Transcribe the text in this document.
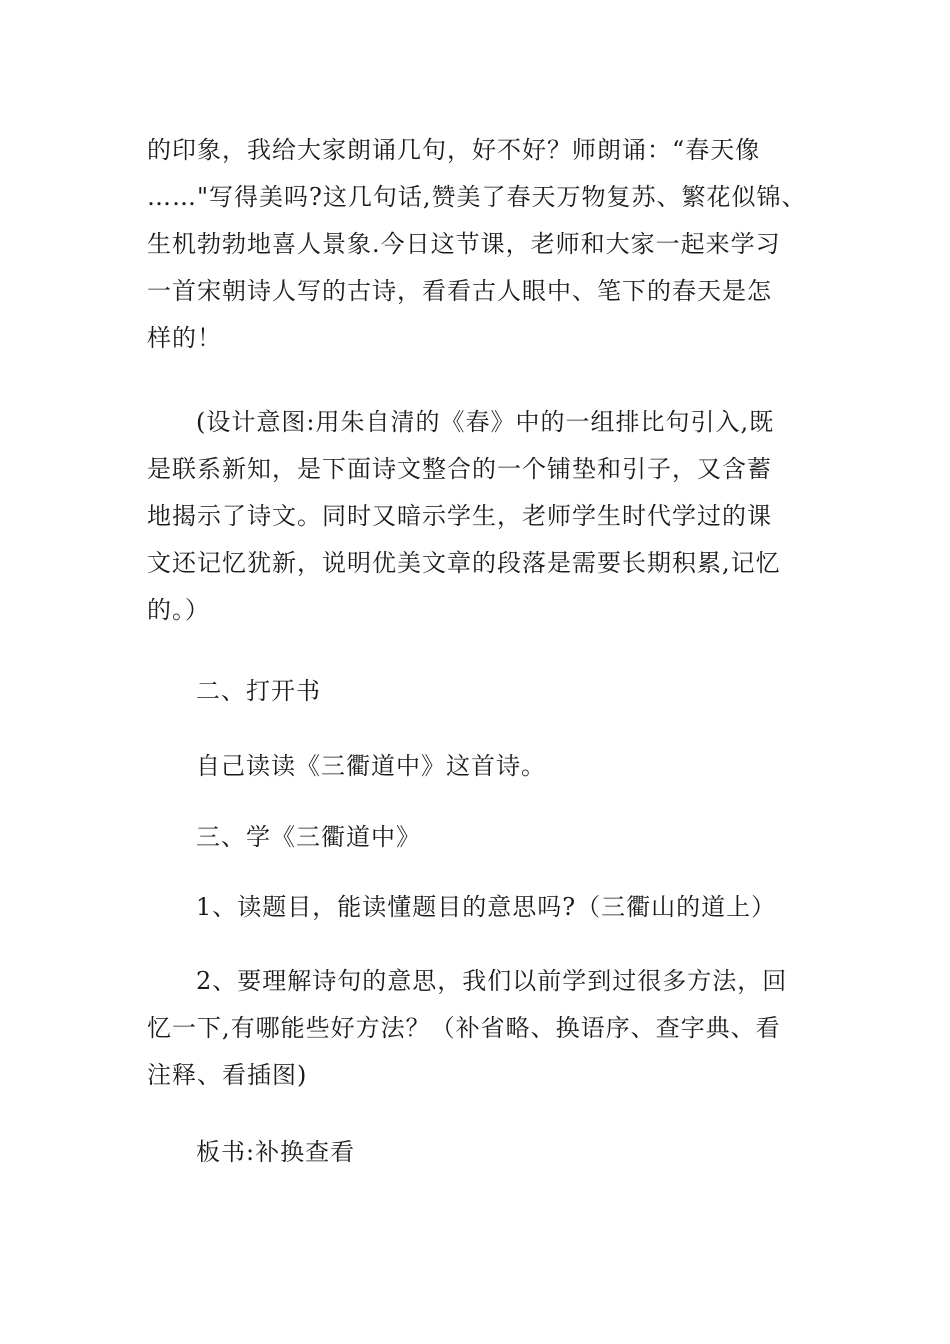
的印象，我给大家朗诵几句，好不好？师朗诵：“春天像
……"写得美吗?这几句话,赞美了春天万物复苏、繁花似锦、
生机勃勃地喜人景象.今日这节课，老师和大家一起来学习
一首宋朝诗人写的古诗，看看古人眼中、笔下的春天是怎
样的！
(设计意图:用朱自清的《春》中的一组排比句引入,既
是联系新知，是下面诗文整合的一个铺垫和引子，又含蓄
地揭示了诗文。同时又暗示学生，老师学生时代学过的课
文还记忆犹新，说明优美文章的段落是需要长期积累,记忆
的。）
二、打开书
自己读读《三衢道中》这首诗。
三、学《三衢道中》
1、读题目，能读懂题目的意思吗?（三衢山的道上）
2、要理解诗句的意思，我们以前学到过很多方法，回
忆一下,有哪能些好方法？（补省略、换语序、查字典、看
注释、看插图)
板书:补换查看
